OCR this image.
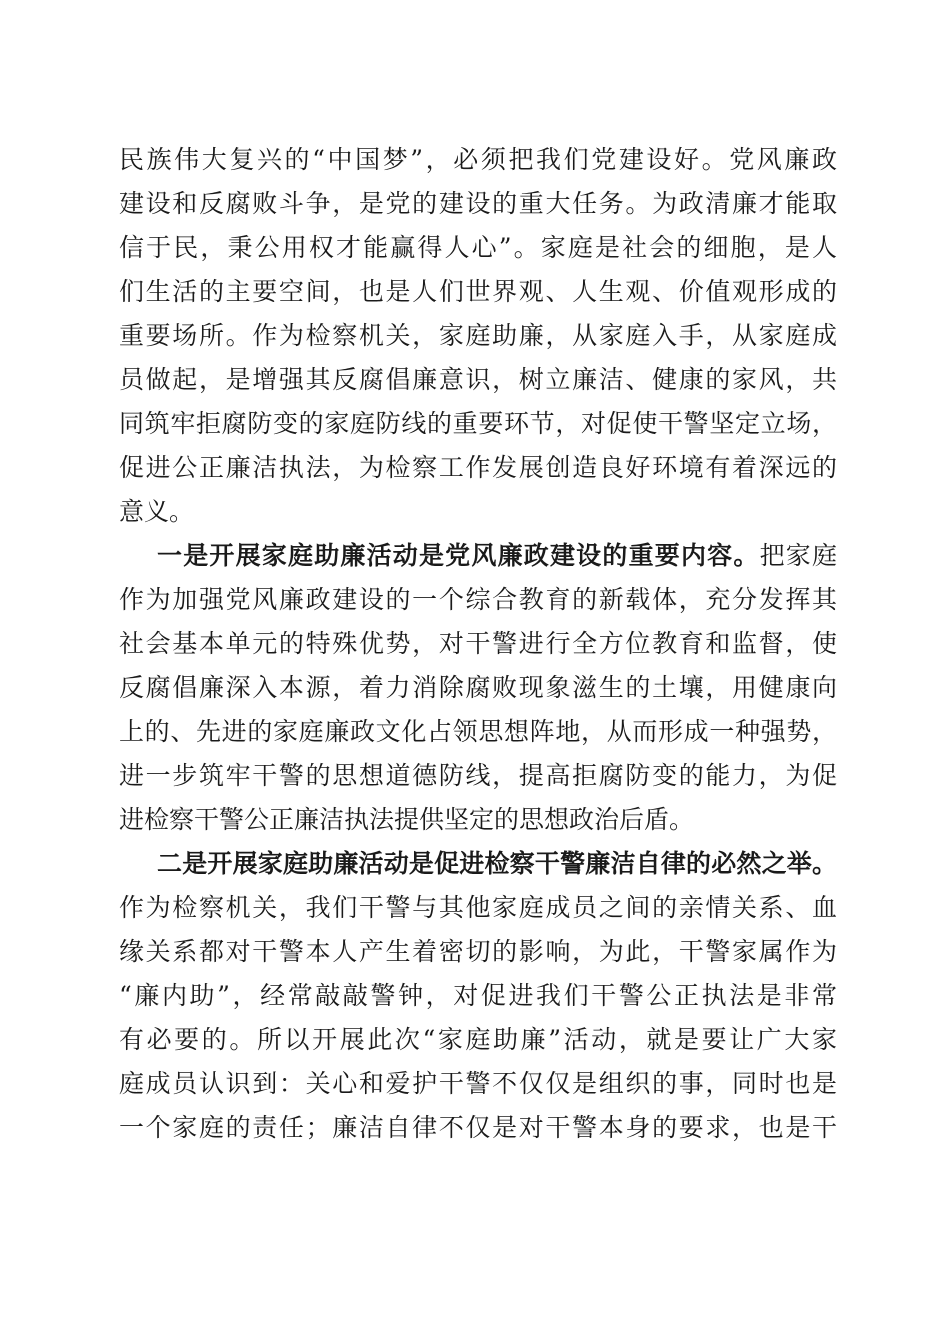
民族伟大复兴的“中国梦”，必须把我们党建设好。党风廉政
建设和反腐败斗争，是党的建设的重大任务。为政清廉才能取
信于民，秉公用权才能赢得人心”。家庭是社会的细胞，是人
们生活的主要空间，也是人们世界观、人生观、价值观形成的
重要场所。作为检察机关，家庭助廉，从家庭入手，从家庭成
员做起，是增强其反腐倡廉意识，树立廉洁、健康的家风，共
同筑牢拒腐防变的家庭防线的重要环节，对促使干警坚定立场，
促进公正廉洁执法，为检察工作发展创造良好环境有着深远的
意义。
一是开展家庭助廉活动是党风廉政建设的重要内容。把家庭
作为加强党风廉政建设的一个综合教育的新载体，充分发挥其
社会基本单元的特殊优势，对干警进行全方位教育和监督，使
反腐倡廉深入本源，着力消除腐败现象滋生的土壤，用健康向
上的、先进的家庭廉政文化占领思想阵地，从而形成一种强势，
进一步筑牢干警的思想道德防线，提高拒腐防变的能力，为促
进检察干警公正廉洁执法提供坚定的思想政治后盾。
二是开展家庭助廉活动是促进检察干警廉洁自律的必然之举。
作为检察机关，我们干警与其他家庭成员之间的亲情关系、血
缘关系都对干警本人产生着密切的影响，为此，干警家属作为
“廉内助”，经常敲敲警钟，对促进我们干警公正执法是非常
有必要的。所以开展此次“家庭助廉”活动，就是要让广大家
庭成员认识到：关心和爱护干警不仅仅是组织的事，同时也是
一个家庭的责任；廉洁自律不仅是对干警本身的要求，也是干
